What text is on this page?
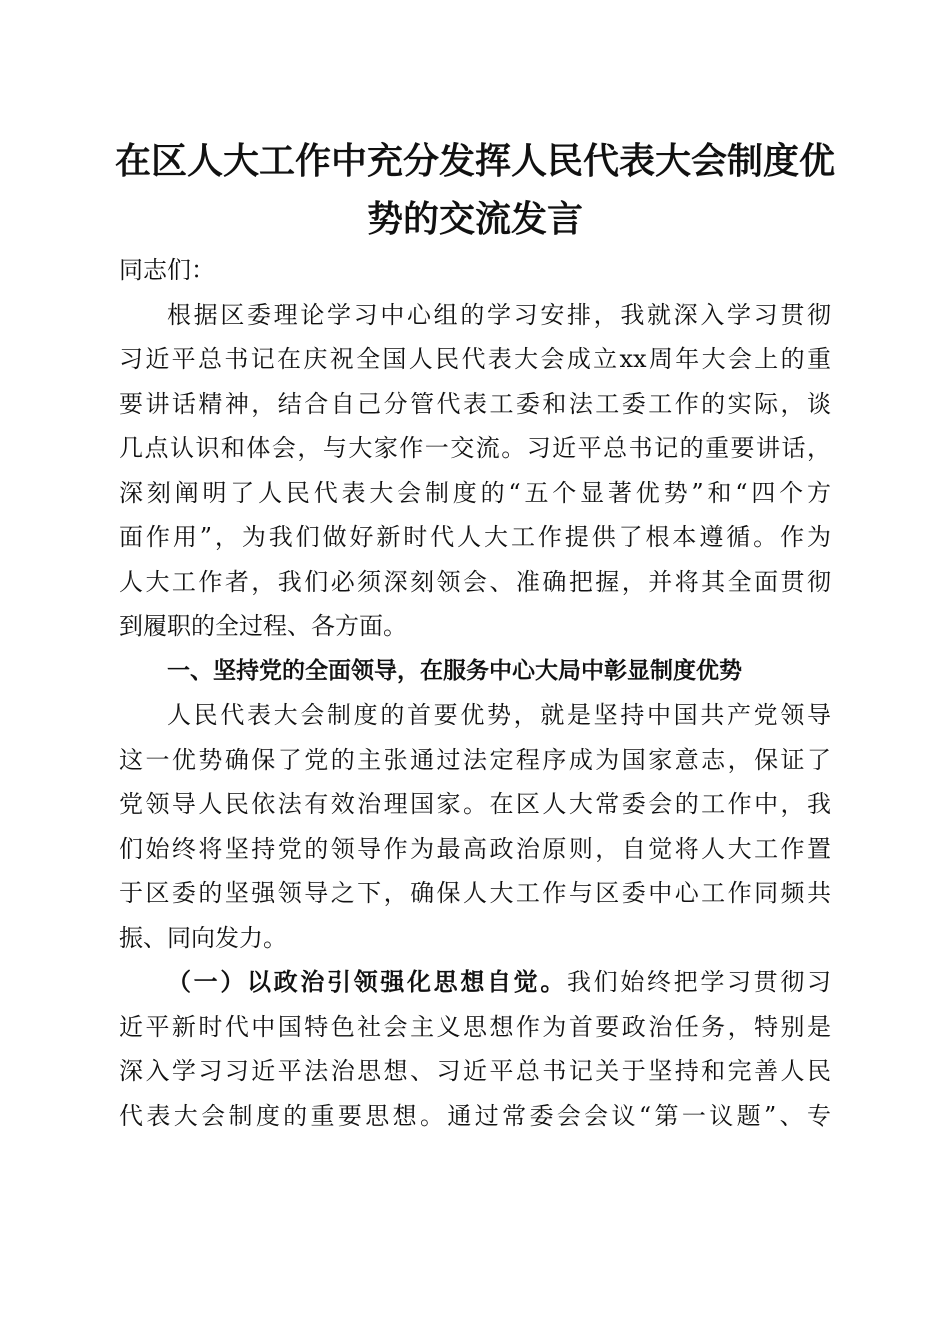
在区人大工作中充分发挥人民代表大会制度优
势的交流发言
同志们：
根据区委理论学习中心组的学习安排，我就深入学习贯彻
习近平总书记在庆祝全国人民代表大会成立xx周年大会上的重
要讲话精神，结合自己分管代表工委和法工委工作的实际，谈
几点认识和体会，与大家作一交流。习近平总书记的重要讲话，
深刻阐明了人民代表大会制度的“五个显著优势”和“四个方
面作用”，为我们做好新时代人大工作提供了根本遵循。作为
人大工作者，我们必须深刻领会、准确把握，并将其全面贯彻
到履职的全过程、各方面。
一、坚持党的全面领导，在服务中心大局中彰显制度优势
人民代表大会制度的首要优势，就是坚持中国共产党领导
这一优势确保了党的主张通过法定程序成为国家意志，保证了
党领导人民依法有效治理国家。在区人大常委会的工作中，我
们始终将坚持党的领导作为最高政治原则，自觉将人大工作置
于区委的坚强领导之下，确保人大工作与区委中心工作同频共
振、同向发力。
（一）以政治引领强化思想自觉。我们始终把学习贯彻习
近平新时代中国特色社会主义思想作为首要政治任务，特别是
深入学习习近平法治思想、习近平总书记关于坚持和完善人民
代表大会制度的重要思想。通过常委会会议“第一议题”、专
